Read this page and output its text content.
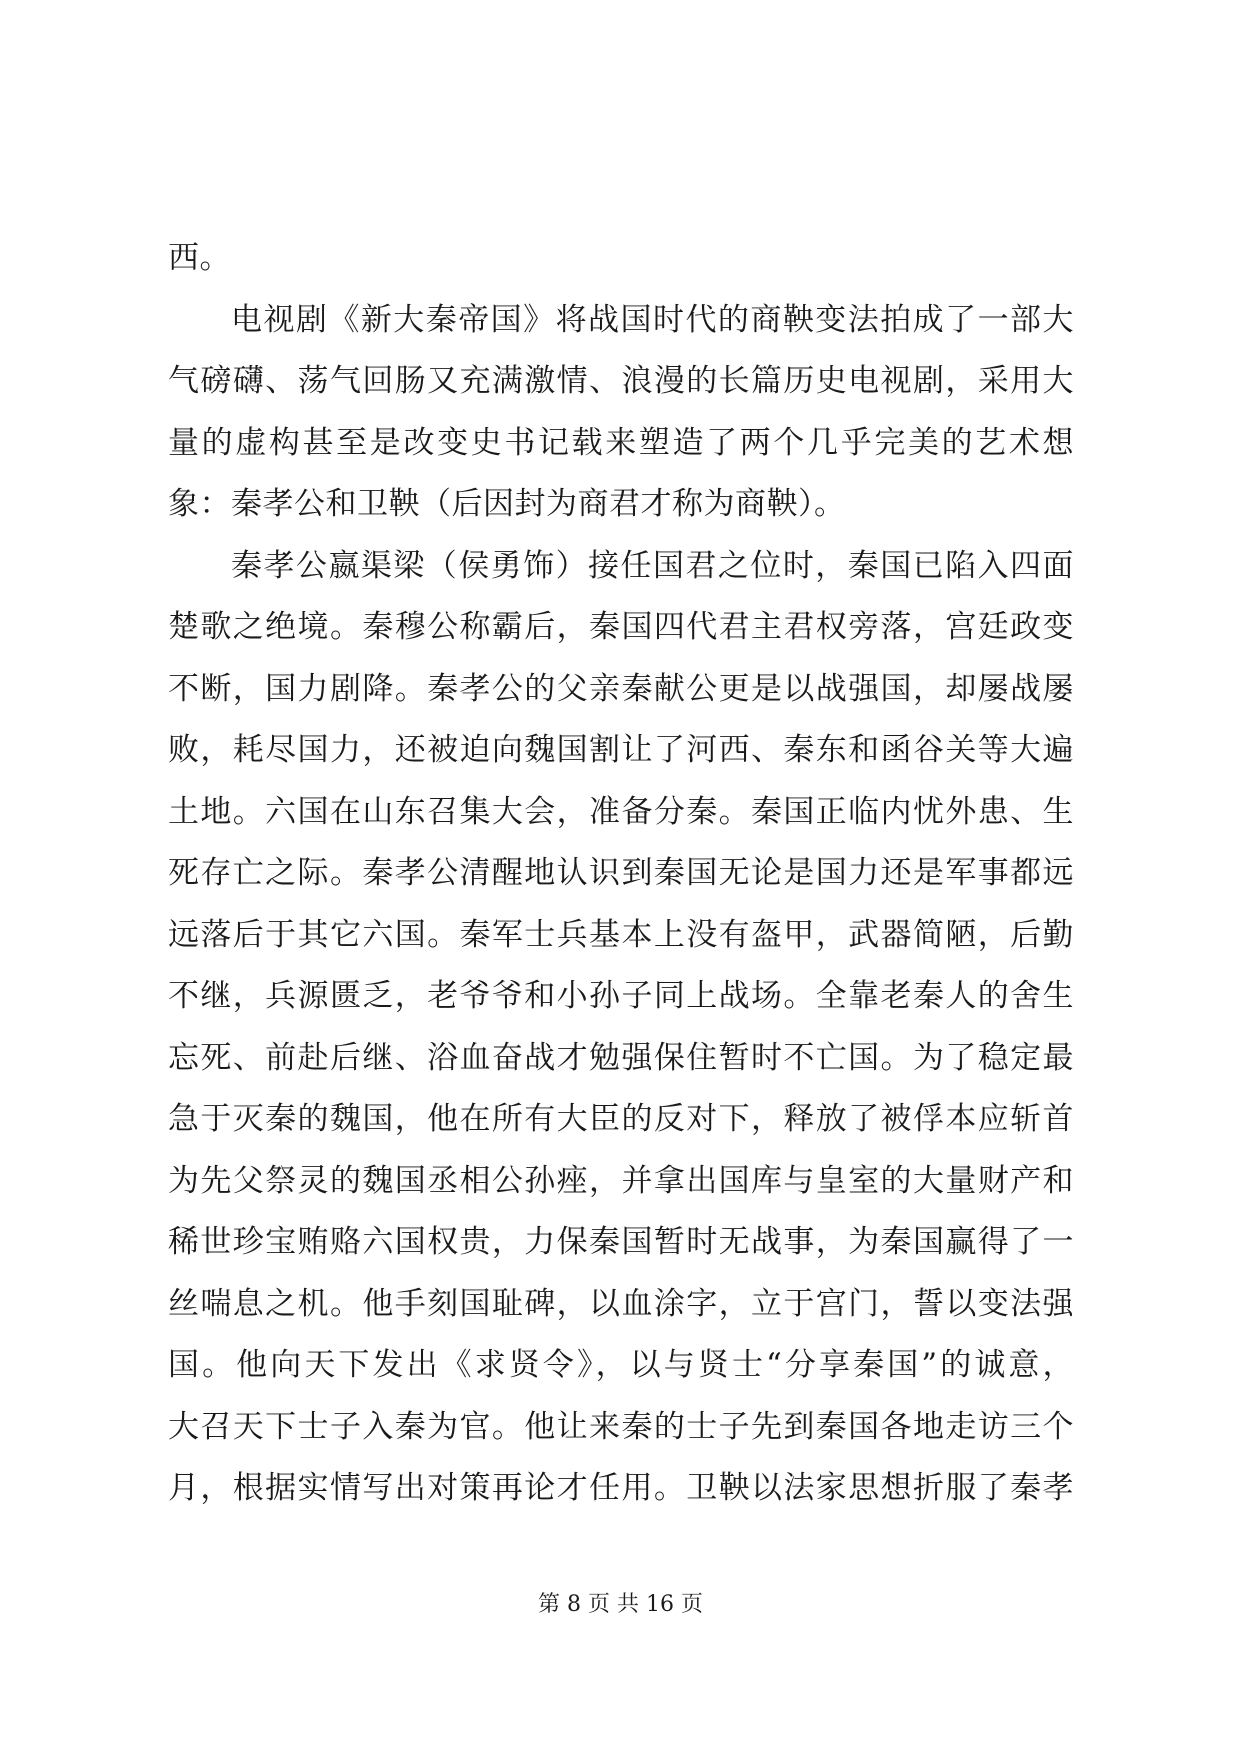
西。
电视剧《新大秦帝国》将战国时代的商鞅变法拍成了一部大
气磅礴、荡气回肠又充满激情、浪漫的长篇历史电视剧，采用大
量的虚构甚至是改变史书记载来塑造了两个几乎完美的艺术想
象：秦孝公和卫鞅（后因封为商君才称为商鞅）。
秦孝公嬴渠梁（侯勇饰）接任国君之位时，秦国已陷入四面
楚歌之绝境。秦穆公称霸后，秦国四代君主君权旁落，宫廷政变
不断，国力剧降。秦孝公的父亲秦献公更是以战强国，却屡战屡
败，耗尽国力，还被迫向魏国割让了河西、秦东和函谷关等大遍
土地。六国在山东召集大会，准备分秦。秦国正临内忧外患、生
死存亡之际。秦孝公清醒地认识到秦国无论是国力还是军事都远
远落后于其它六国。秦军士兵基本上没有盔甲，武器简陋，后勤
不继，兵源匮乏，老爷爷和小孙子同上战场。全靠老秦人的舍生
忘死、前赴后继、浴血奋战才勉强保住暂时不亡国。为了稳定最
急于灭秦的魏国，他在所有大臣的反对下，释放了被俘本应斩首
为先父祭灵的魏国丞相公孙痤，并拿出国库与皇室的大量财产和
稀世珍宝贿赂六国权贵，力保秦国暂时无战事，为秦国赢得了一
丝喘息之机。他手刻国耻碑，以血涂字，立于宫门，誓以变法强
国。他向天下发出《求贤令》，以与贤士“分享秦国”的诚意，
大召天下士子入秦为官。他让来秦的士子先到秦国各地走访三个
月，根据实情写出对策再论才任用。卫鞅以法家思想折服了秦孝
第 8 页 共 16 页
